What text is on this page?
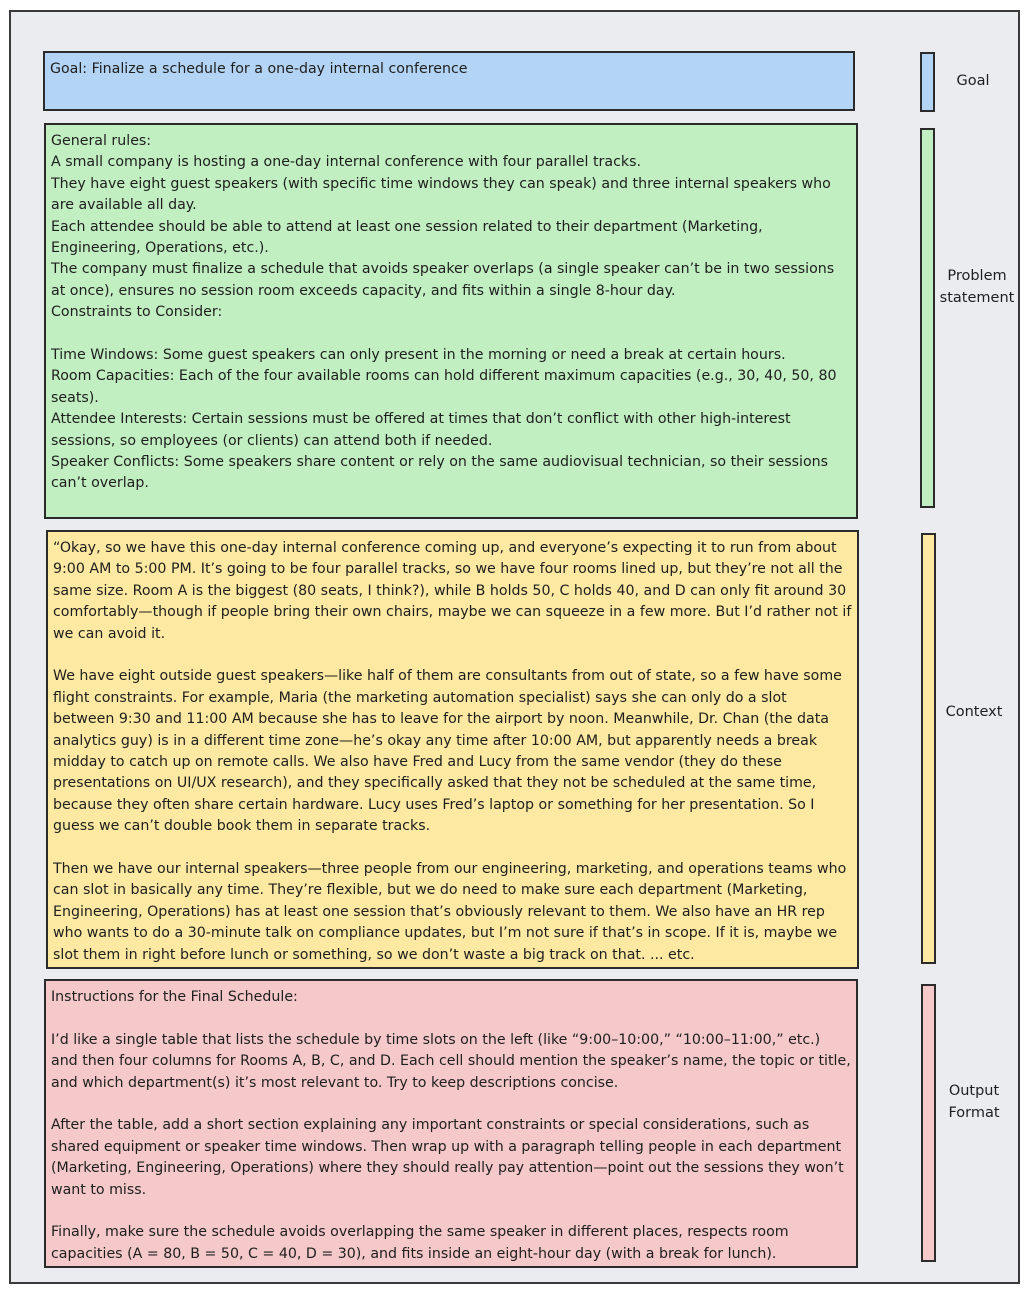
Goal: Finalize a schedule for a one-day internal conference

General rules:

A small company is hosting a one-day internal conference with four parallel tracks.

They have eight guest speakers (with specific time windows they can speak) and three internal speakers who are available all day.

Each attendee should be able to attend at least one session related to their department (Marketing, Engineering, Operations, etc.).

The company must finalize a schedule that avoids speaker overlaps (a single speaker can’t be in two sessions at once), ensures no session room exceeds capacity, and fits within a single 8-hour day.

Constraints to Consider:

Time Windows: Some guest speakers can only present in the morning or need a break at certain hours.

Room Capacities: Each of the four available rooms can hold different maximum capacities (e.g., 30, 40, 50, 80 seats).

Attendee Interests: Certain sessions must be offered at times that don’t conflict with other high-interest sessions, so employees (or clients) can attend both if needed.

Speaker Conflicts: Some speakers share content or rely on the same audiovisual technician, so their sessions can’t overlap.

“Okay, so we have this one-day internal conference coming up, and everyone’s expecting it to run from about 9:00 AM to 5:00 PM. It’s going to be four parallel tracks, so we have four rooms lined up, but they’re not all the same size. Room A is the biggest (80 seats, I think?), while B holds 50, C holds 40, and D can only fit around 30 comfortably—though if people bring their own chairs, maybe we can squeeze in a few more. But I’d rather not if we can avoid it.

We have eight outside guest speakers—like half of them are consultants from out of state, so a few have some flight constraints. For example, Maria (the marketing automation specialist) says she can only do a slot between 9:30 and 11:00 AM because she has to leave for the airport by noon. Meanwhile, Dr. Chan (the data analytics guy) is in a different time zone—he’s okay any time after 10:00 AM, but apparently needs a break midday to catch up on remote calls. We also have Fred and Lucy from the same vendor (they do these presentations on UI/UX research), and they specifically asked that they not be scheduled at the same time, because they often share certain hardware. Lucy uses Fred’s laptop or something for her presentation. So I guess we can’t double book them in separate tracks.

Then we have our internal speakers—three people from our engineering, marketing, and operations teams who can slot in basically any time. They’re flexible, but we do need to make sure each department (Marketing, Engineering, Operations) has at least one session that’s obviously relevant to them. We also have an HR rep who wants to do a 30-minute talk on compliance updates, but I’m not sure if that’s in scope. If it is, maybe we slot them in right before lunch or something, so we don’t waste a big track on that. ... etc.

Instructions for the Final Schedule:

I’d like a single table that lists the schedule by time slots on the left (like “9:00–10:00,” “10:00–11:00,” etc.) and then four columns for Rooms A, B, C, and D. Each cell should mention the speaker’s name, the topic or title, and which department(s) it’s most relevant to. Try to keep descriptions concise.

After the table, add a short section explaining any important constraints or special considerations, such as shared equipment or speaker time windows. Then wrap up with a paragraph telling people in each department (Marketing, Engineering, Operations) where they should really pay attention—point out the sessions they won’t want to miss.

Finally, make sure the schedule avoids overlapping the same speaker in different places, respects room capacities (A = 80, B = 50, C = 40, D = 30), and fits inside an eight-hour day (with a break for lunch).

Goal
Problem
statement
Context
Output
Format
